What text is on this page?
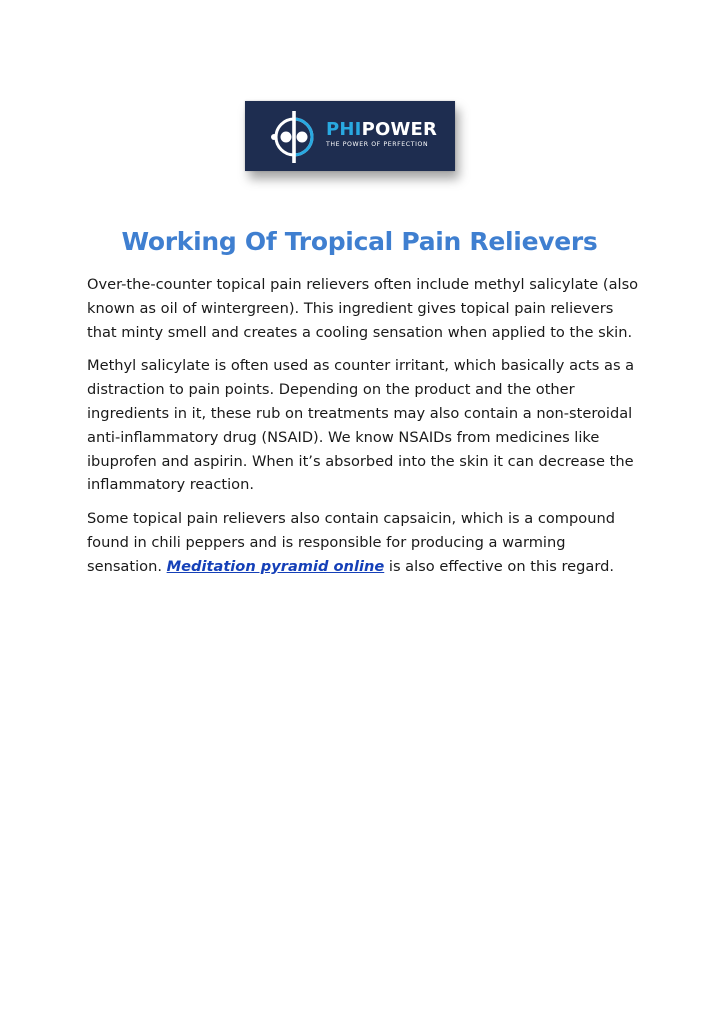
PHIPOWER
THE POWER OF PERFECTION
Working Of Tropical Pain Relievers

Over-the-counter topical pain relievers often include methyl salicylate (also known as oil of wintergreen). This ingredient gives topical pain relievers that minty smell and creates a cooling sensation when applied to the skin.

Methyl salicylate is often used as counter irritant, which basically acts as a distraction to pain points. Depending on the product and the other ingredients in it, these rub on treatments may also contain a non-steroidal anti-inflammatory drug (NSAID). We know NSAIDs from medicines like ibuprofen and aspirin. When it’s absorbed into the skin it can decrease the inflammatory reaction.

Some topical pain relievers also contain capsaicin, which is a compound found in chili peppers and is responsible for producing a warming sensation. Meditation pyramid online is also effective on this regard.
